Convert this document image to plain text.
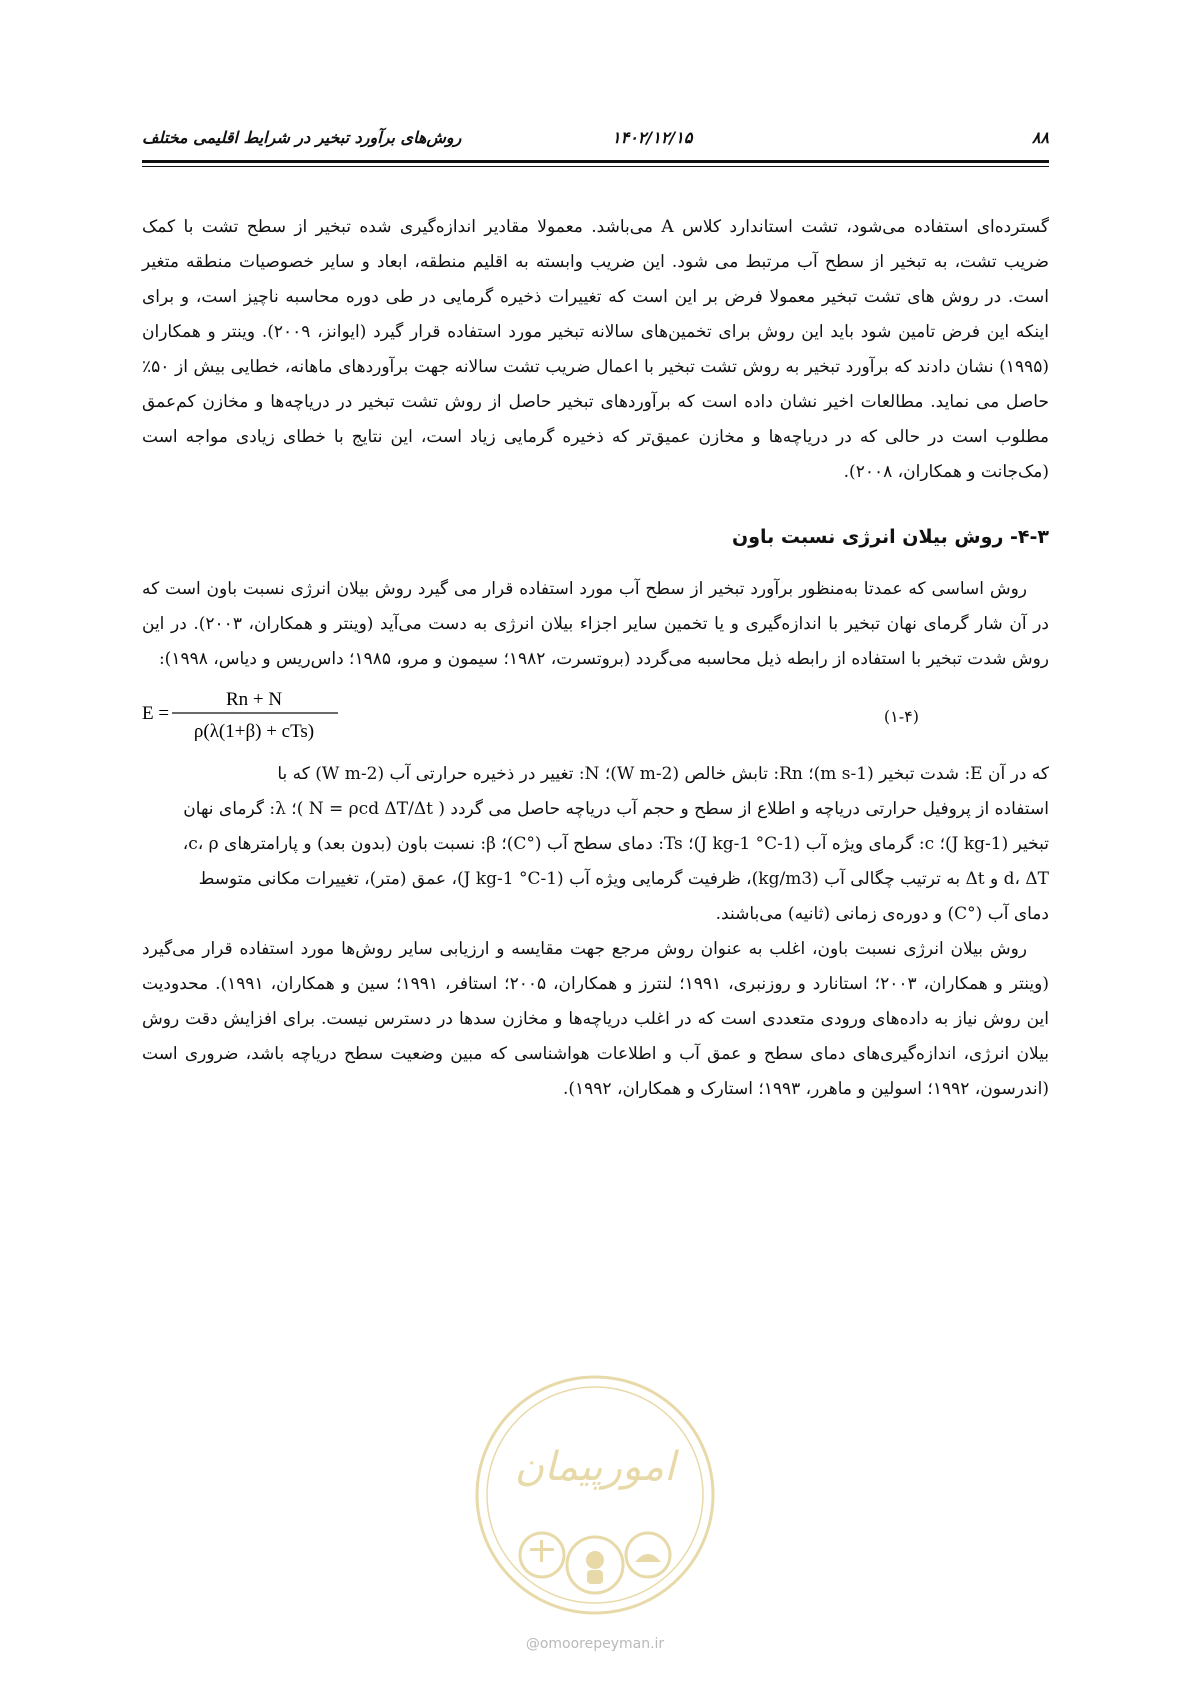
۸۸
۱۴۰۲/۱۲/۱۵
روش‌های برآورد تبخیر در شرایط اقلیمی مختلف

گسترده‌ای استفاده می‌شود، تشت استاندارد کلاس A می‌باشد. معمولا مقادیر اندازه‌گیری شده تبخیر از سطح تشت با کمک ضریب تشت، به تبخیر از سطح آب مرتبط می شود. این ضریب وابسته به اقلیم منطقه، ابعاد و سایر خصوصیات منطقه متغیر است. در روش های تشت تبخیر معمولا فرض بر این است که تغییرات ذخیره گرمایی در طی دوره محاسبه ناچیز است، و برای اینکه این فرض تامین شود باید این روش برای تخمین‌های سالانه تبخیر مورد استفاده قرار گیرد (ایوانز، ۲۰۰۹). وینتر و همکاران (۱۹۹۵) نشان دادند که برآورد تبخیر به روش تشت تبخیر با اعمال ضریب تشت سالانه جهت برآوردهای ماهانه، خطایی بیش از ۵۰٪ حاصل می نماید. مطالعات اخیر نشان داده است که برآوردهای تبخیر حاصل از روش تشت تبخیر در دریاچه‌ها و مخازن کم‌عمق مطلوب است در حالی که در دریاچه‌ها و مخازن عمیق‌تر که ذخیره گرمایی زیاد است، این نتایج با خطای زیادی مواجه است (مک‌جانت و همکاران، ۲۰۰۸).

۴-۳- روش بیلان انرژی نسبت باون

روش اساسی که عمدتا به‌منظور برآورد تبخیر از سطح آب مورد استفاده قرار می گیرد روش بیلان انرژی نسبت باون است که در آن شار گرمای نهان تبخیر با اندازه‌گیری و یا تخمین سایر اجزاء بیلان انرژی به دست می‌آید (وینتر و همکاران، ۲۰۰۳). در این روش شدت تبخیر با استفاده از رابطه ذیل محاسبه می‌گردد (بروتسرت، ۱۹۸۲؛ سیمون و مرو، ۱۹۸۵؛ داس‌ریس و دیاس، ۱۹۹۸):

E =
Rn + N
ρ(λ(1+β) + cTs)
(۱-۴)

که در آن E: شدت تبخیر (m s-1)؛ Rn: تابش خالص (W m-2)؛ N: تغییر در ذخیره حرارتی آب (W m-2) که با

استفاده از پروفیل حرارتی دریاچه و اطلاع از سطح و حجم آب دریاچه حاصل می گردد ( N = ρcd ΔT/Δt )؛ λ: گرمای نهان

تبخیر (J kg-1)؛ c: گرمای ویژه آب (J kg-1 °C-1)؛ Ts: دمای سطح آب (°C)؛ β: نسبت باون (بدون بعد) و پارامترهای c، ρ،

d، ΔT و Δt به ترتیب چگالی آب (kg/m3)، ظرفیت گرمایی ویژه آب (J kg-1 °C-1)، عمق (متر)، تغییرات مکانی متوسط

دمای آب (°C) و دوره‌ی زمانی (ثانیه) می‌باشند.

روش بیلان انرژی نسبت باون، اغلب به عنوان روش مرجع جهت مقایسه و ارزیابی سایر روش‌ها مورد استفاده قرار می‌گیرد (وینتر و همکاران، ۲۰۰۳؛ استانارد و روزنبری، ۱۹۹۱؛ لنترز و همکاران، ۲۰۰۵؛ استافر، ۱۹۹۱؛ سین و همکاران، ۱۹۹۱). محدودیت این روش نیاز به داده‌های ورودی متعددی است که در اغلب دریاچه‌ها و مخازن سدها در دسترس نیست. برای افزایش دقت روش بیلان انرژی، اندازه‌گیری‌های دمای سطح و عمق آب و اطلاعات هواشناسی که مبین وضعیت سطح دریاچه باشد، ضروری است (اندرسون، ۱۹۹۲؛ اسولین و ماهرر، ۱۹۹۳؛ استارک و همکاران، ۱۹۹۲).

امورپیمان
@omoorepeyman.ir
